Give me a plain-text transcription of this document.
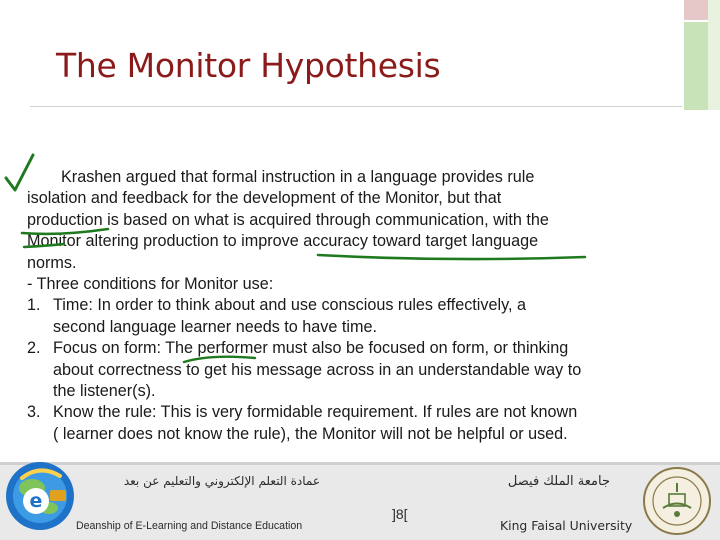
The Monitor Hypothesis

Krashen argued that formal instruction in a language provides rule
isolation and feedback for the development of the Monitor, but that
production is based on what is acquired through communication, with the
Monitor altering production to improve accuracy toward target language
norms.

- Three conditions for Monitor use:
1. Time: In order to think about and use conscious rules effectively, a
second language learner needs to have time.
2. Focus on form: The performer must also be focused on form, or thinking
about correctness to get his message across in an understandable way to
the listener(s).
3. Know the rule: This is very formidable requirement. If rules are not known
( learner does not know the rule), the Monitor will not be helpful or used.
e
عمادة التعلم الإلكتروني والتعليم عن بعد
Deanship of E-Learning and Distance Education
]8[
جامعة الملك فيصل
King Faisal University
